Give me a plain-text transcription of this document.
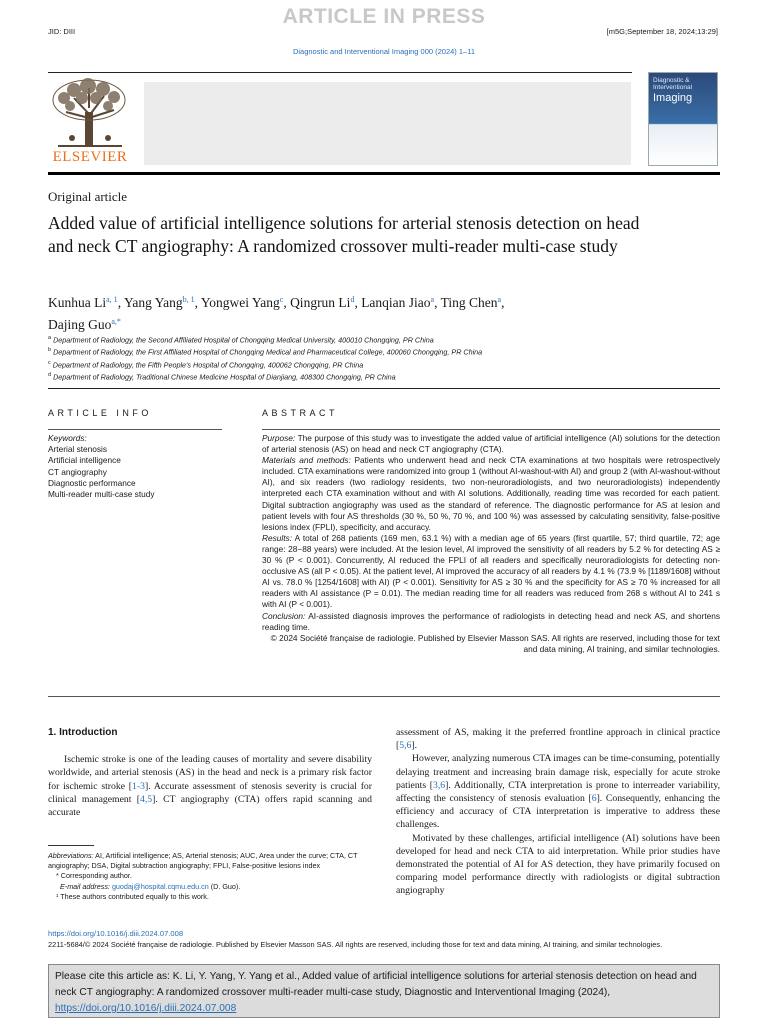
ARTICLE IN PRESS
JID: DIII	[m5G;September 18, 2024;13:29]
Diagnostic and Interventional Imaging 000 (2024) 1–11
ELSEVIER
Diagnostic & Interventional
Imaging
Original article
Added value of artificial intelligence solutions for arterial stenosis detection on head and neck CT angiography: A randomized crossover multi-reader multi-case study
Kunhua Li$^{a, 1}$, Yang Yang$^{b, 1}$, Yongwei Yang$^c$, Qingrun Li$^d$, Lanqian Jiao$^a$, Ting Chen$^a$,
Dajing Guo$^{a,*}$
$^a$ Department of Radiology, the Second Affiliated Hospital of Chongqing Medical University, 400010 Chongqing, PR China
$^b$ Department of Radiology, the First Affiliated Hospital of Chongqing Medical and Pharmaceutical College, 400060 Chongqing, PR China
$^c$ Department of Radiology, the Fifth People's Hospital of Chongqing, 400062 Chongqing, PR China
$^d$ Department of Radiology, Traditional Chinese Medicine Hospital of Dianjiang, 408300 Chongqing, PR China
ARTICLE INFO	ABSTRACT
Keywords:
Arterial stenosis
Artificial intelligence
CT angiography
Diagnostic performance
Multi-reader multi-case study

Purpose: The purpose of this study was to investigate the added value of artificial intelligence (AI) solutions for the detection of arterial stenosis (AS) on head and neck CT angiography (CTA).

Materials and methods: Patients who underwent head and neck CTA examinations at two hospitals were retrospectively included. CTA examinations were randomized into group 1 (without AI-washout-with AI) and group 2 (with AI-washout-without AI), and six readers (two radiology residents, two non-neuroradiologists, and two neuroradiologists) independently interpreted each CTA examination without and with AI solutions. Additionally, reading time was recorded for each patient. Digital subtraction angiography was used as the standard of reference. The diagnostic performance for AS at lesion and patient levels with four AS thresholds (30 %, 50 %, 70 %, and 100 %) was assessed by calculating sensitivity, false-positive lesions index (FPLI), specificity, and accuracy.

Results: A total of 268 patients (169 men, 63.1 %) with a median age of 65 years (first quartile, 57; third quartile, 72; age range: 28−88 years) were included. At the lesion level, AI improved the sensitivity of all readers by 5.2 % for detecting AS ≥ 30 % (P < 0.001). Concurrently, AI reduced the FPLI of all readers and specifically neuroradiologists for detecting non-occlusive AS (all P < 0.05). At the patient level, AI improved the accuracy of all readers by 4.1 % (73.9 % [1189/1608] without AI vs. 78.0 % [1254/1608] with AI) (P < 0.001). Sensitivity for AS ≥ 30 % and the specificity for AS ≥ 70 % increased for all readers with AI assistance (P = 0.01). The median reading time for all readers was reduced from 268 s without AI to 241 s with AI (P < 0.001).

Conclusion: AI-assisted diagnosis improves the performance of radiologists in detecting head and neck AS, and shortens reading time.

© 2024 Société française de radiologie. Published by Elsevier Masson SAS. All rights are reserved, including those for text and data mining, AI training, and similar technologies.

1. Introduction

Ischemic stroke is one of the leading causes of mortality and severe disability worldwide, and arterial stenosis (AS) in the head and neck is a primary risk factor for ischemic stroke [1-3]. Accurate assessment of stenosis severity is crucial for clinical management [4,5]. CT angiography (CTA) offers rapid scanning and accurate

assessment of AS, making it the preferred frontline approach in clinical practice [5,6].

However, analyzing numerous CTA images can be time-consuming, potentially delaying treatment and increasing brain damage risk, especially for acute stroke patients [3,6]. Additionally, CTA interpretation is prone to interreader variability, affecting the consistency of stenosis evaluation [6]. Consequently, enhancing the efficiency and accuracy of CTA interpretation is imperative to address these challenges.

Motivated by these challenges, artificial intelligence (AI) solutions have been developed for head and neck CTA to aid interpretation. While prior studies have demonstrated the potential of AI for AS detection, they have primarily focused on comparing model performance directly with radiologists or digital subtraction angiography

Abbreviations: AI, Artificial intelligence; AS, Arterial stenosis; AUC, Area under the curve; CTA, CT angiography; DSA, Digital subtraction angiography; FPLI, False-positive lesions index
* Corresponding author.
E-mail address: guodaj@hospital.cqmu.edu.cn (D. Guo).
¹ These authors contributed equally to this work.
https://doi.org/10.1016/j.diii.2024.07.008
2211-5684/© 2024 Société française de radiologie. Published by Elsevier Masson SAS. All rights are reserved, including those for text and data mining, AI training, and similar technologies.
Please cite this article as: K. Li, Y. Yang, Y. Yang et al., Added value of artificial intelligence solutions for arterial stenosis detection on head and neck CT angiography: A randomized crossover multi-reader multi-case study, Diagnostic and Interventional Imaging (2024), https://doi.org/10.1016/j.diii.2024.07.008
